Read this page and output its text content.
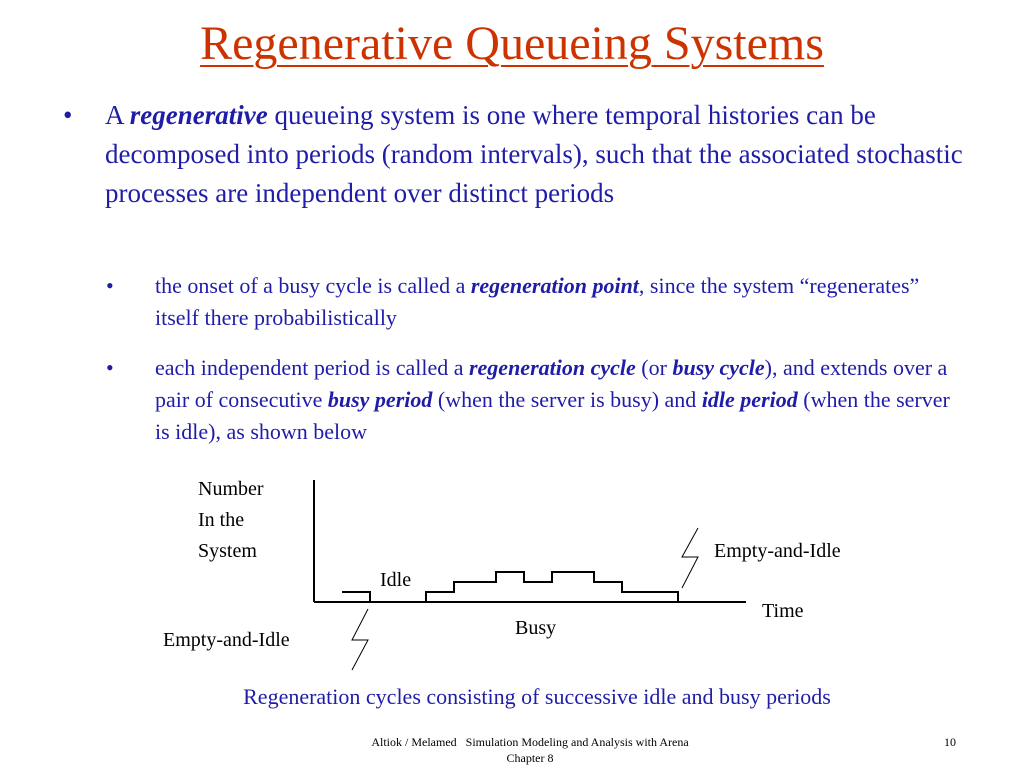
Regenerative Queueing Systems
• A regenerative queueing system is one where temporal histories can be decomposed into periods (random intervals), such that the associated stochastic processes are independent over distinct periods
• the onset of a busy cycle is called a regeneration point, since the system “regenerates” itself there probabilistically
• each independent period is called a regeneration cycle (or busy cycle), and extends over a pair of consecutive busy period (when the server is busy) and idle period (when the server is idle), as shown below
Number
In the
System
Time
Idle
Busy
Empty-and-Idle
Empty-and-Idle
Regeneration cycles consisting of successive idle and busy periods
Altiok / Melamed   Simulation Modeling and Analysis with Arena
Chapter 8
10
